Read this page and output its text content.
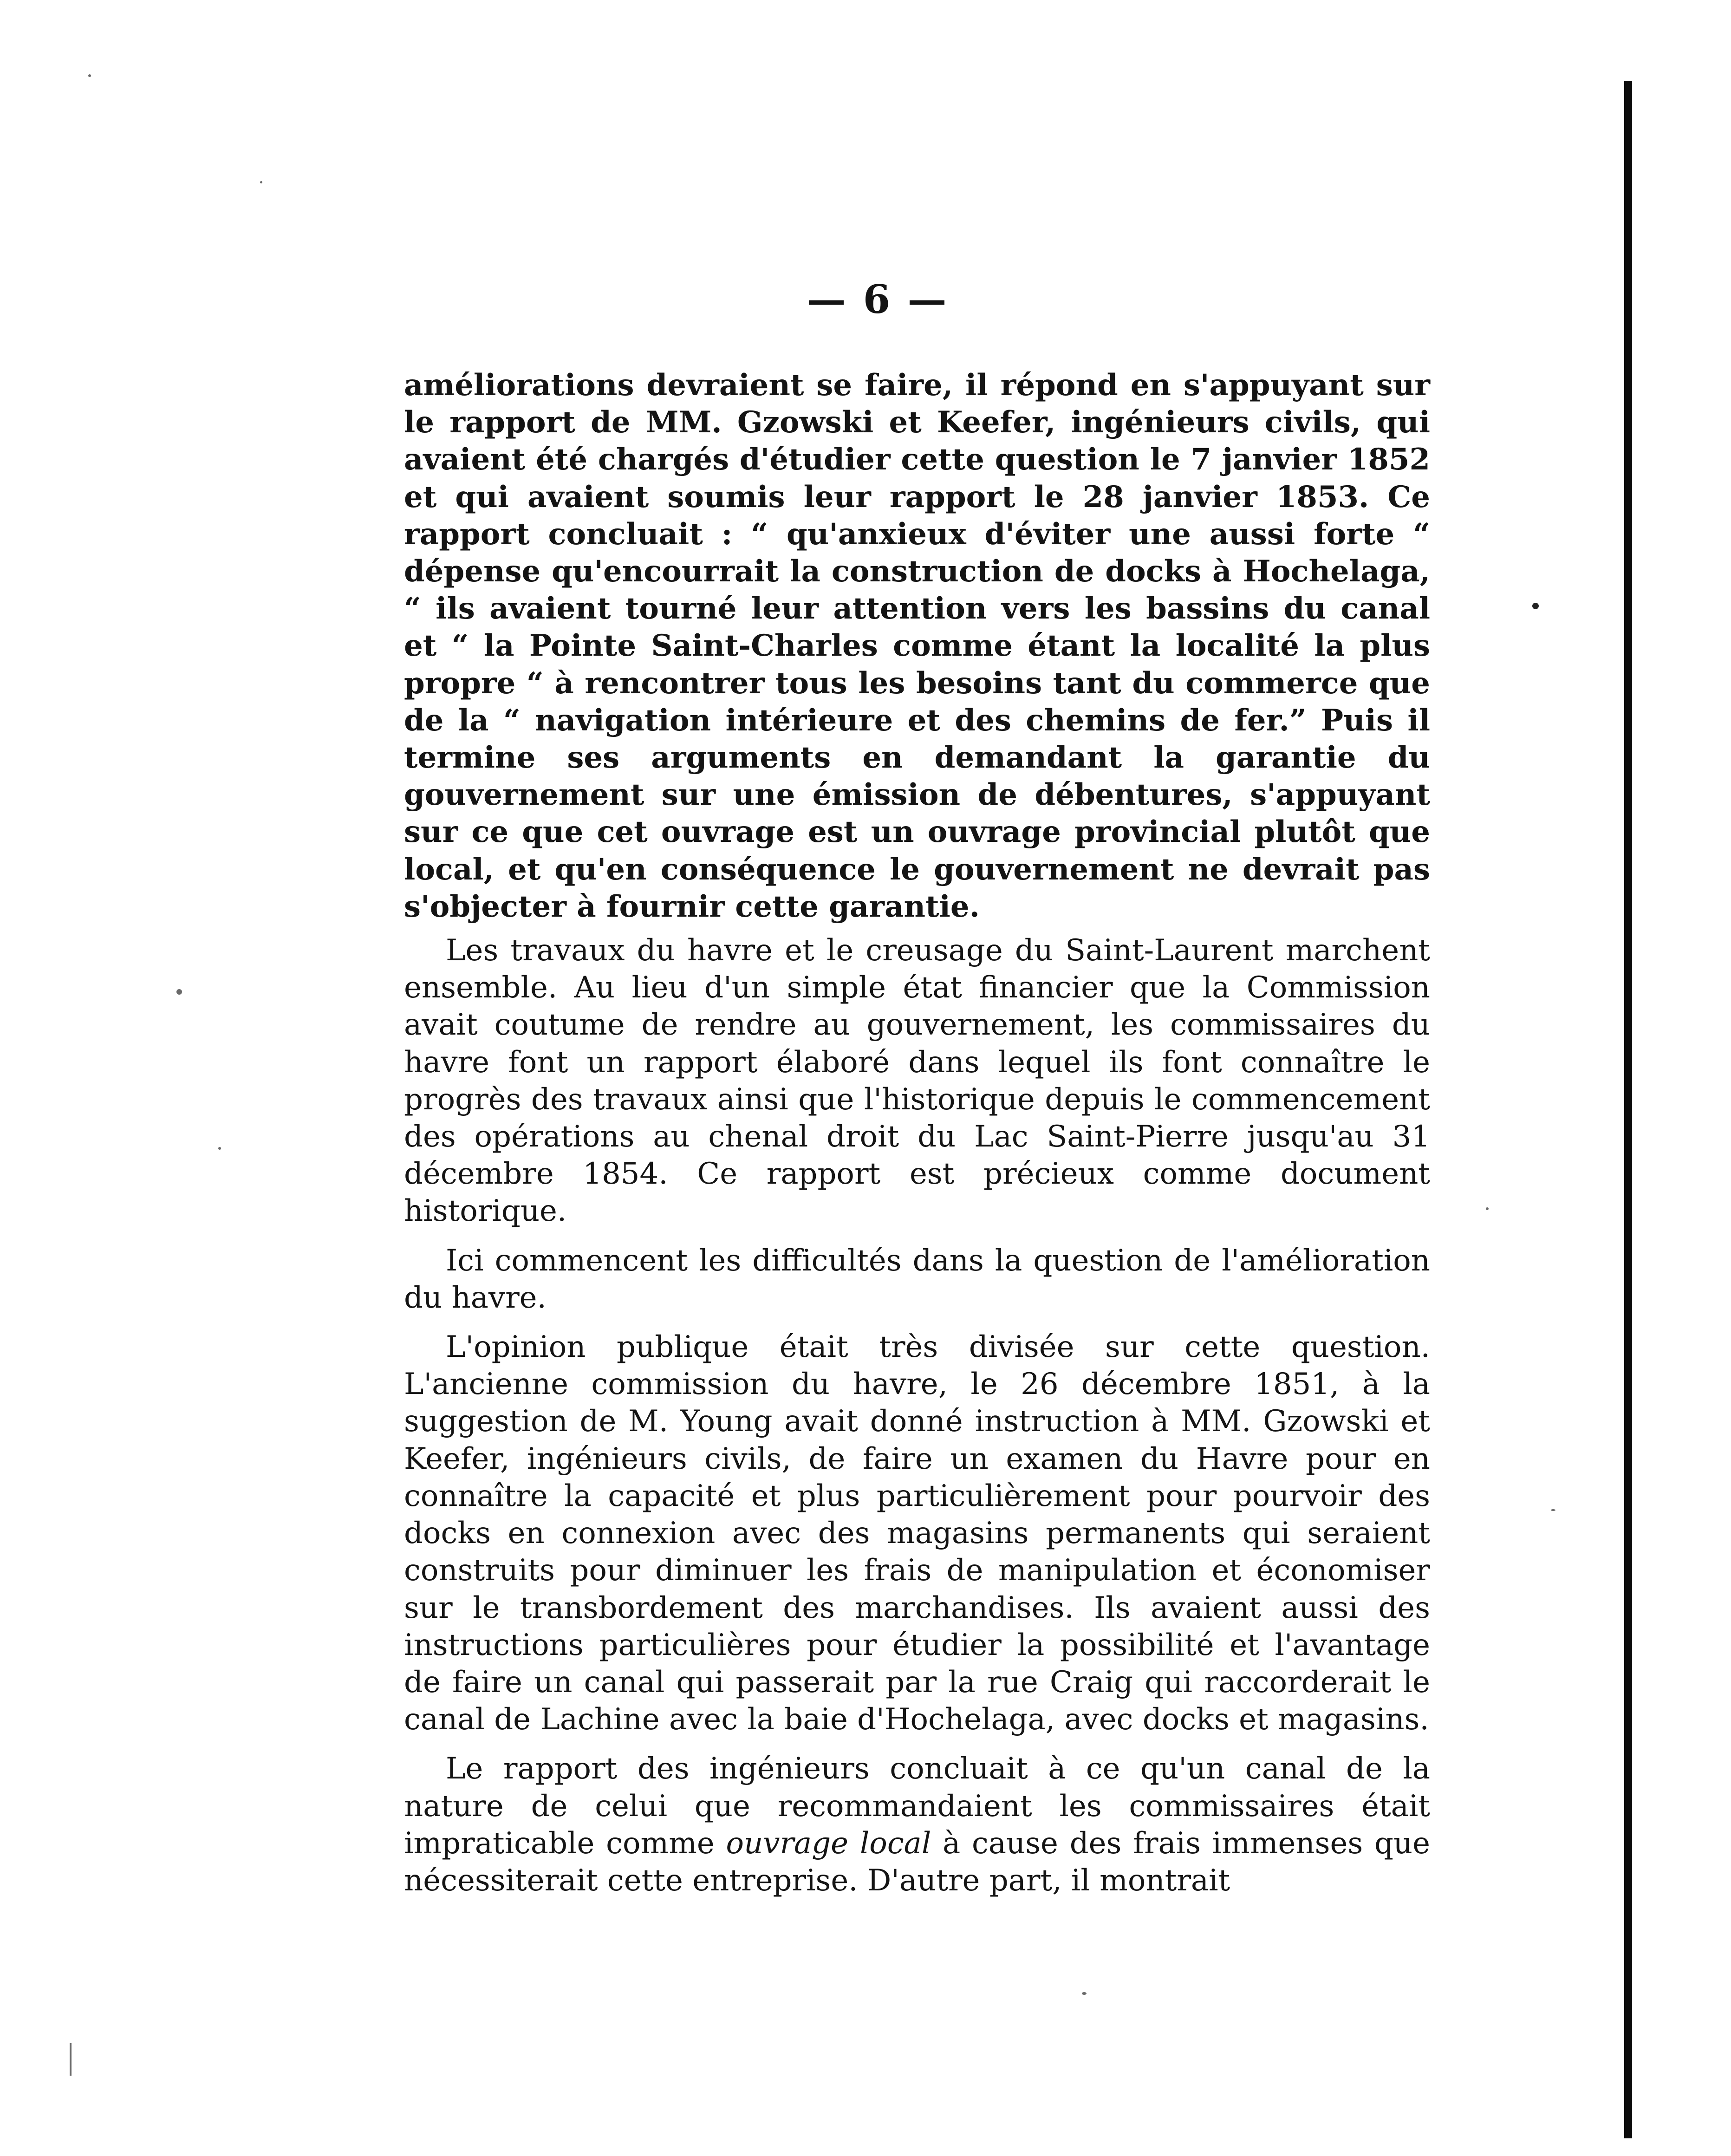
— 6 —

améliorations devraient se faire, il répond en s'appuyant sur le rapport de MM. Gzowski et Keefer, ingénieurs civils, qui avaient été chargés d'étudier cette question le 7 janvier 1852 et qui avaient soumis leur rapport le 28 janvier 1853. Ce rapport concluait : “ qu'anxieux d'éviter une aussi forte “ dépense qu'encourrait la construction de docks à Hochelaga, “ ils avaient tourné leur attention vers les bassins du canal et “ la Pointe Saint-Charles comme étant la localité la plus propre “ à rencontrer tous les besoins tant du commerce que de la “ navigation intérieure et des chemins de fer.” Puis il termine ses arguments en demandant la garantie du gouvernement sur une émission de débentures, s'appuyant sur ce que cet ouvrage est un ouvrage provincial plutôt que local, et qu'en conséquence le gouvernement ne devrait pas s'objecter à fournir cette garantie.

Les travaux du havre et le creusage du Saint-Laurent marchent ensemble. Au lieu d'un simple état financier que la Commission avait coutume de rendre au gouvernement, les commissaires du havre font un rapport élaboré dans lequel ils font connaître le progrès des travaux ainsi que l'historique depuis le commencement des opérations au chenal droit du Lac Saint-Pierre jusqu'au 31 décembre 1854. Ce rapport est précieux comme document historique.

Ici commencent les difficultés dans la question de l'amélioration du havre.

L'opinion publique était très divisée sur cette question. L'ancienne commission du havre, le 26 décembre 1851, à la suggestion de M. Young avait donné instruction à MM. Gzowski et Keefer, ingénieurs civils, de faire un examen du Havre pour en connaître la capacité et plus particulièrement pour pourvoir des docks en connexion avec des magasins permanents qui seraient construits pour diminuer les frais de manipulation et économiser sur le transbordement des marchandises. Ils avaient aussi des instructions particulières pour étudier la possibilité et l'avantage de faire un canal qui passerait par la rue Craig qui raccorderait le canal de Lachine avec la baie d'Hochelaga, avec docks et magasins.

Le rapport des ingénieurs concluait à ce qu'un canal de la nature de celui que recommandaient les commissaires était impraticable comme ouvrage local à cause des frais immenses que nécessiterait cette entreprise. D'autre part, il montrait
